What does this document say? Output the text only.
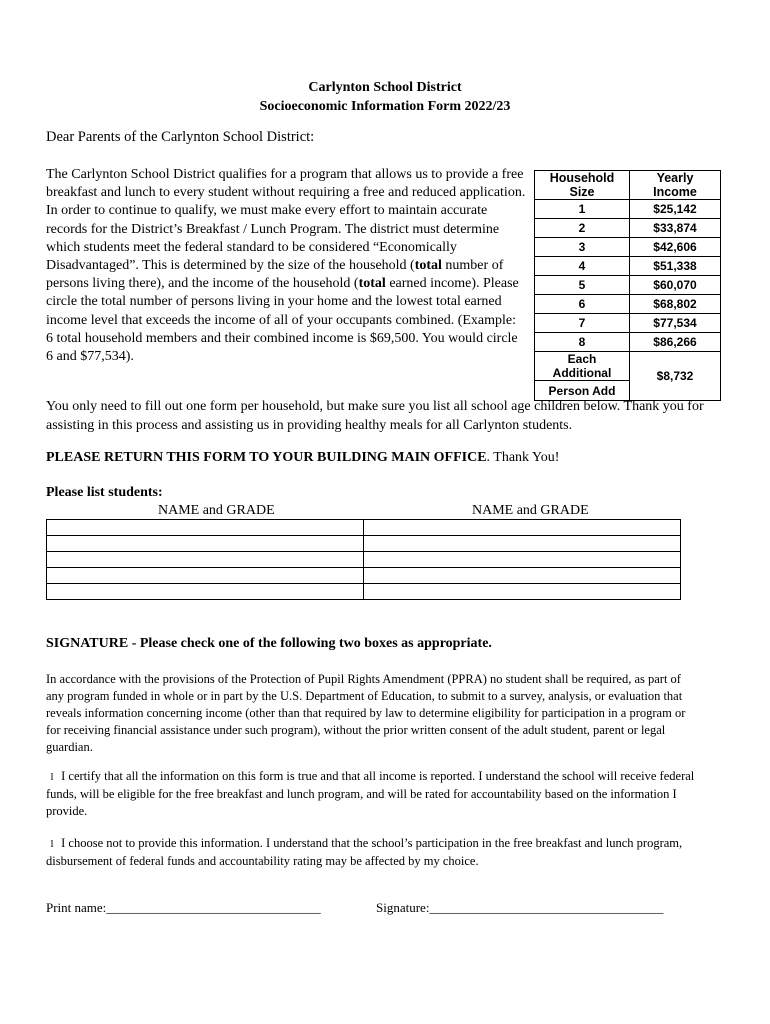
Carlynton School District
Socioeconomic Information Form 2022/23
Dear Parents of the Carlynton School District:
The Carlynton School District qualifies for a program that allows us to provide a free breakfast and lunch to every student without requiring a free and reduced application. In order to continue to qualify, we must make every effort to maintain accurate records for the District’s Breakfast / Lunch Program. The district must determine which students meet the federal standard to be considered “Economically Disadvantaged”. This is determined by the size of the household (total number of persons living there), and the income of the household (total earned income). Please circle the total number of persons living in your home and the lowest total earned income level that exceeds the income of all of your occupants combined. (Example: 6 total household members and their combined income is $69,500. You would circle 6 and $77,534).
Household Size	Yearly Income
1	$25,142
2	$33,874
3	$42,606
4	$51,338
5	$60,070
6	$68,802
7	$77,534
8	$86,266
Each Additional	$8,732
Person Add	
You only need to fill out one form per household, but make sure you list all school age children below. Thank you for assisting in this process and assisting us in providing healthy meals for all Carlynton students.
PLEASE RETURN THIS FORM TO YOUR BUILDING MAIN OFFICE. Thank You!
Please list students:
NAME and GRADE	NAME and GRADE

SIGNATURE - Please check one of the following two boxes as appropriate.
In accordance with the provisions of the Protection of Pupil Rights Amendment (PPRA) no student shall be required, as part of any program funded in whole or in part by the U.S. Department of Education, to submit to a survey, analysis, or evaluation that reveals information concerning income (other than that required by law to determine eligibility for participation in a program or for receiving financial assistance under such program), without the prior written consent of the adult student, parent or legal guardian.
l I certify that all the information on this form is true and that all income is reported. I understand the school will receive federal funds, will be eligible for the free breakfast and lunch program, and will be rated for accountability based on the information I provide.
l I choose not to provide this information. I understand that the school’s participation in the free breakfast and lunch program, disbursement of federal funds and accountability rating may be affected by my choice.
Print name:_________________________________	Signature:____________________________________
